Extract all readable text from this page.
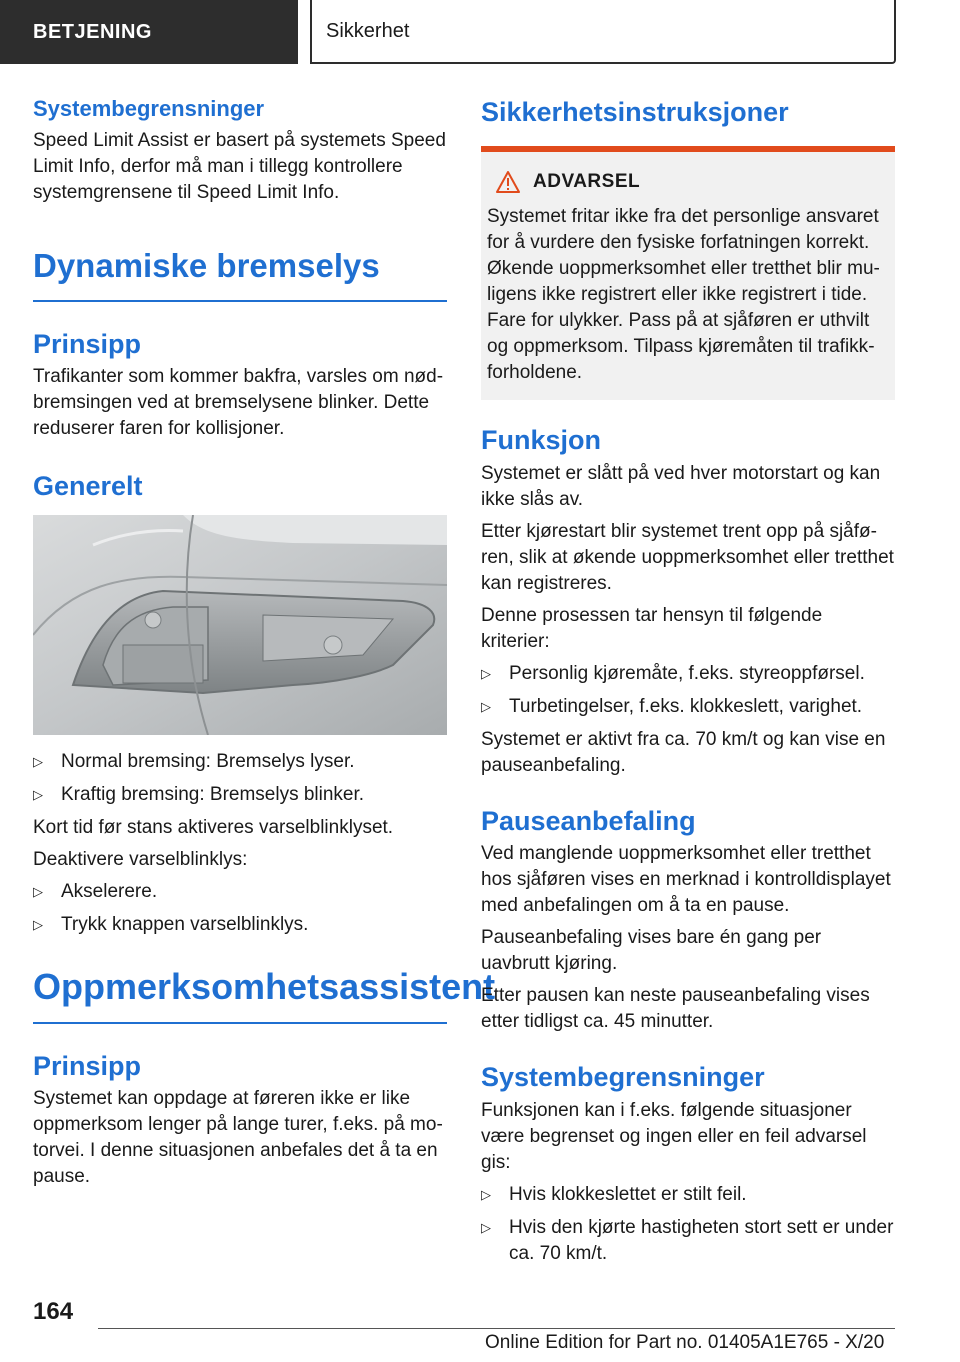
BETJENING	Sikkerhet
Systembegrensninger

Speed Limit Assist er basert på systemets Speed Limit Info, derfor må man i tillegg kontrollere systemgrensene til Speed Limit Info.

Dynamiske bremselys
Prinsipp

Trafikanter som kommer bakfra, varsles om nødbremsingen ved at bremselysene blinker. Dette reduserer faren for kollisjoner.

Generelt
▷ Normal bremsing: Bremselys lyser.
▷ Kraftig bremsing: Bremselys blinker.

Kort tid før stans aktiveres varselblinklyset.

Deaktivere varselblinklys:

▷ Akselerere.
▷ Trykk knappen varselblinklys.
Oppmerksomhetsassistent
Prinsipp

Systemet kan oppdage at føreren ikke er like oppmerksom lenger på lange turer, f.eks. på motorvei. I denne situasjonen anbefales det å ta en pause.

Sikkerhetsinstruksjoner
ADVARSEL

Systemet fritar ikke fra det personlige ansvaret for å vurdere den fysiske forfatningen korrekt. Økende uoppmerksomhet eller tretthet blir muligens ikke registrert eller ikke registrert i tide. Fare for ulykker. Pass på at sjåføren er uthvilt og oppmerksom. Tilpass kjøremåten til trafikkforholdene.

Funksjon

Systemet er slått på ved hver motorstart og kan ikke slås av.

Etter kjørestart blir systemet trent opp på sjåføren, slik at økende uoppmerksomhet eller tretthet kan registreres.

Denne prosessen tar hensyn til følgende kriterier:

▷ Personlig kjøremåte, f.eks. styreoppførsel.
▷ Turbetingelser, f.eks. klokkeslett, varighet.

Systemet er aktivt fra ca. 70 km/t og kan vise en pauseanbefaling.

Pauseanbefaling

Ved manglende uoppmerksomhet eller tretthet hos sjåføren vises en merknad i kontrolldisplayet med anbefalingen om å ta en pause.

Pauseanbefaling vises bare én gang per uavbrutt kjøring.

Etter pausen kan neste pauseanbefaling vises etter tidligst ca. 45 minutter.

Systembegrensninger

Funksjonen kan i f.eks. følgende situasjoner være begrenset og ingen eller en feil advarsel gis:

▷ Hvis klokkeslettet er stilt feil.
▷ Hvis den kjørte hastigheten stort sett er under ca. 70 km/t.
164
Online Edition for Part no. 01405A1E765 - X/20
